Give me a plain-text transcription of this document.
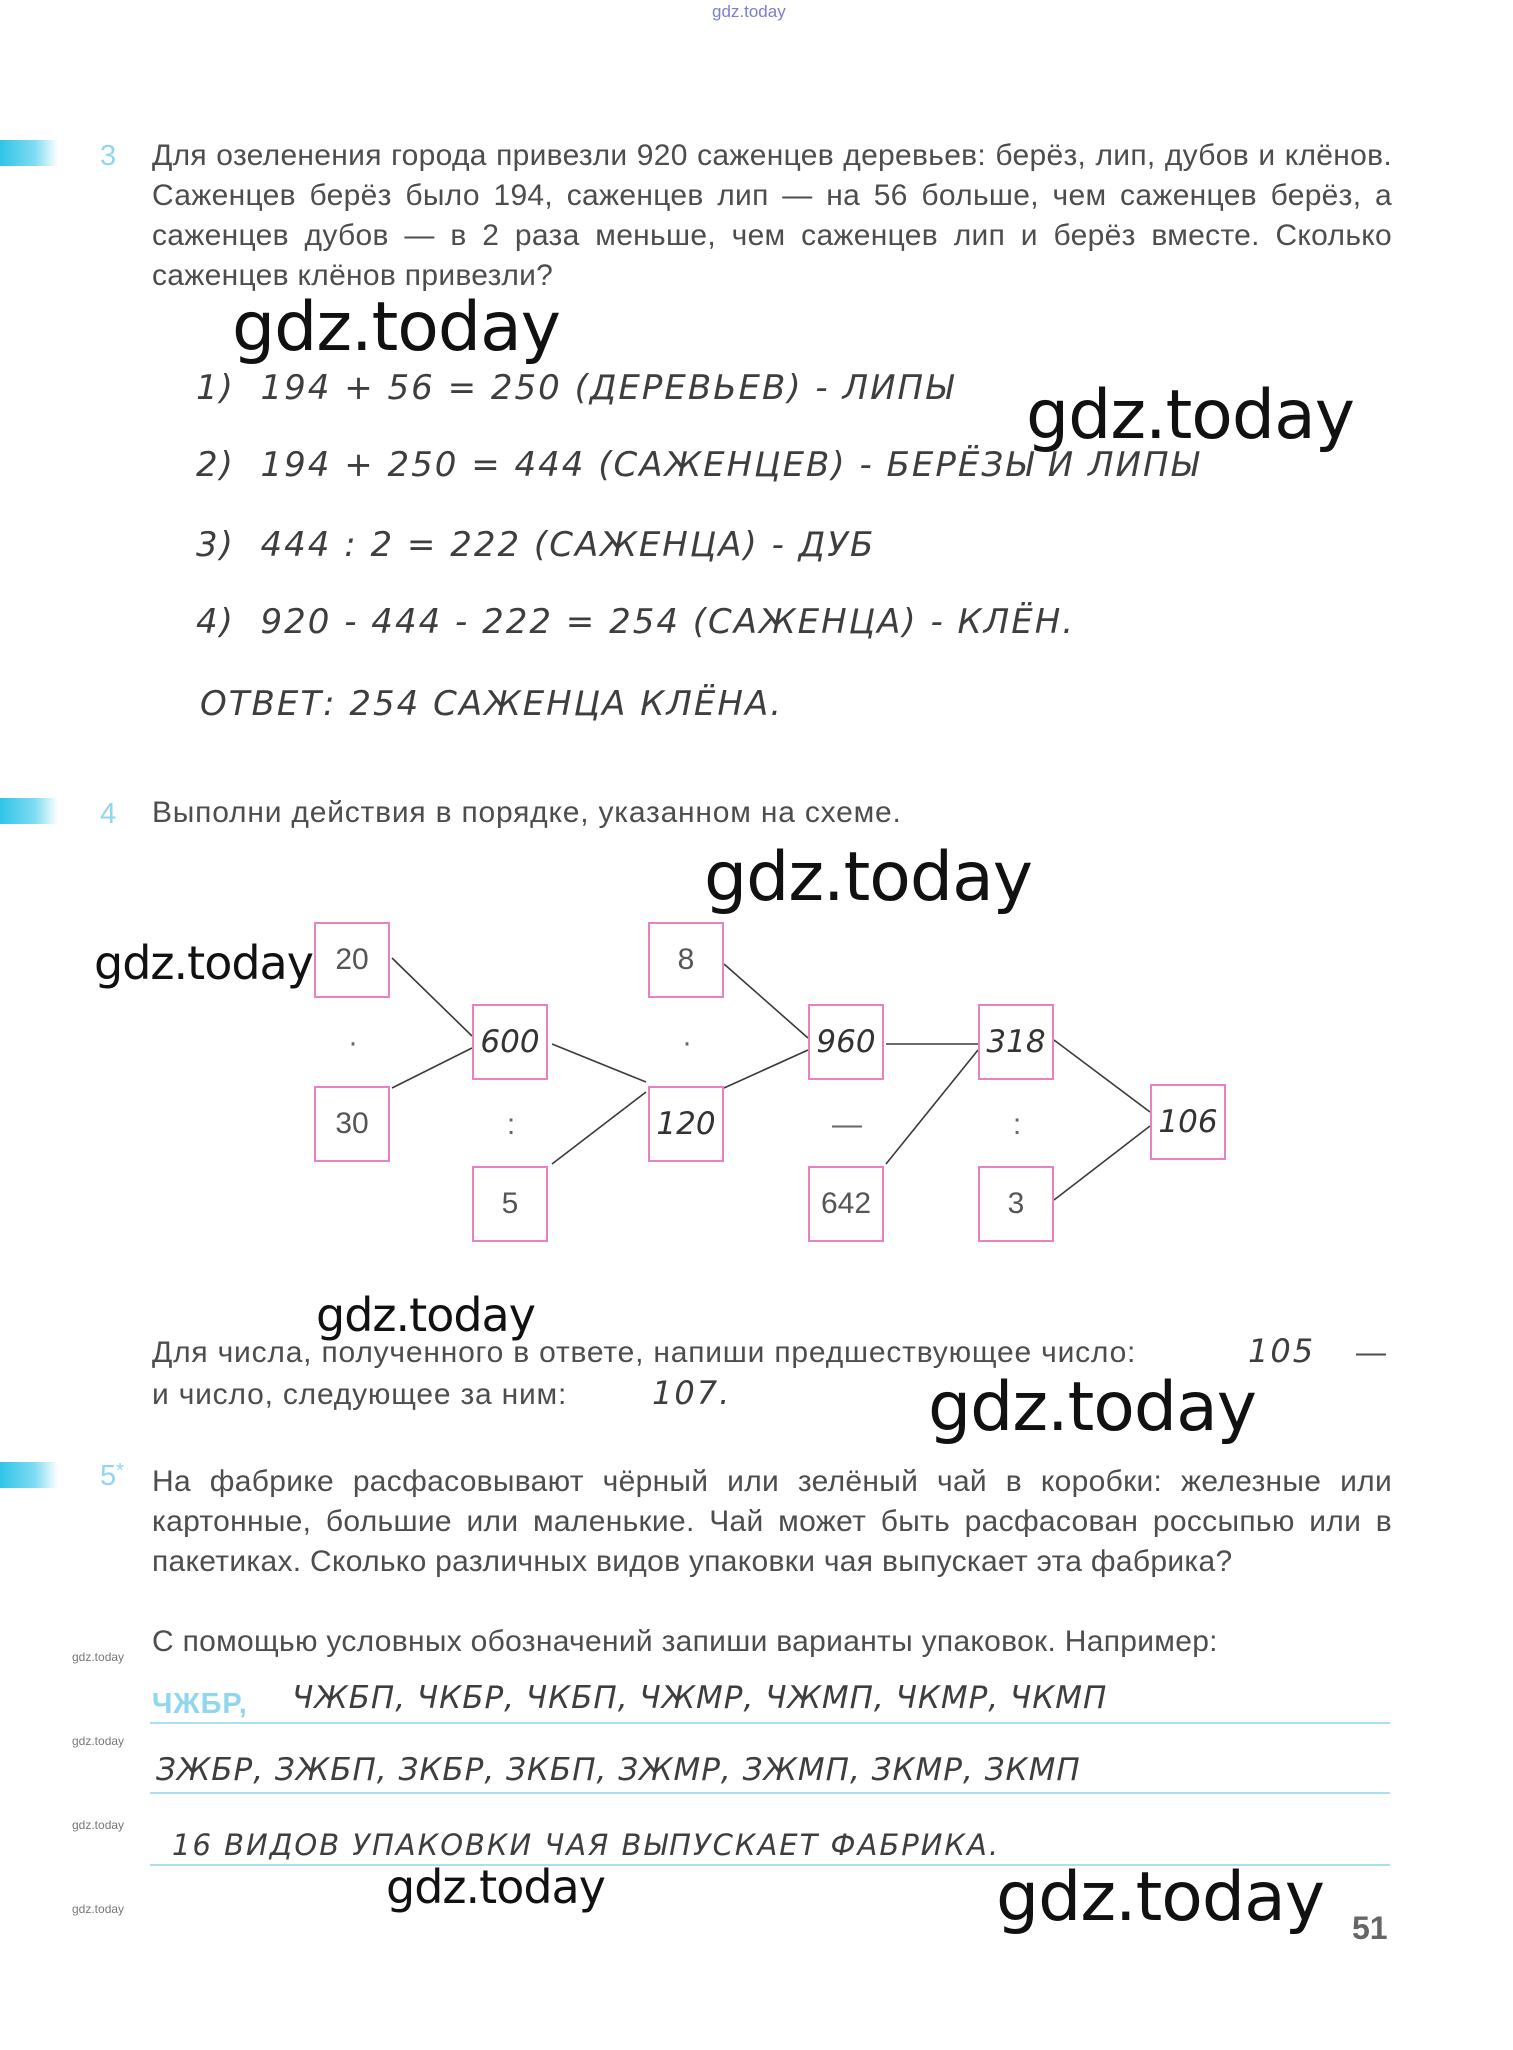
gdz.today
3 Для озеленения города привезли 920 саженцев деревьев: берёз, лип, дубов и клёнов. Саженцев берёз было 194, саженцев лип — на 56 больше, чем саженцев берёз, а саженцев дубов — в 2 раза меньше, чем саженцев лип и берёз вместе. Сколько саженцев клёнов привезли?
1) 194 + 56 = 250 (ДЕРЕВЬЕВ) - ЛИПЫ
2) 194 + 250 = 444 (САЖЕНЦЕВ) - БЕРЁЗЫ И ЛИПЫ
3) 444 : 2 = 222 (САЖЕНЦА) - ДУБ
4) 920 - 444 - 222 = 254 (САЖЕНЦА) - КЛЁН.
ОТВЕТ: 254 САЖЕНЦА КЛЁНА.
4 Выполни действия в порядке, указанном на схеме.
20
·
30
600
:
5
8
·
120
960
—
642
318
:
3
106
Для числа, полученного в ответе, напиши предшествующее число:	105 —
и число, следующее за ним:	107.
5* На фабрике расфасовывают чёрный или зелёный чай в коробки: железные или картонные, большие или маленькие. Чай может быть расфасован россыпью или в пакетиках. Сколько различных видов упаковки чая выпускает эта фабрика?
С помощью условных обозначений запиши варианты упаковок. Например:
ЧЖБР, ЧЖБП, ЧКБР, ЧКБП, ЧЖМР, ЧЖМП, ЧКМР, ЧКМП
ЗЖБР, ЗЖБП, ЗКБР, ЗКБП, ЗЖМР, ЗЖМП, ЗКМР, ЗКМП
16 ВИДОВ УПАКОВКИ ЧАЯ ВЫПУСКАЕТ ФАБРИКА.
51
gdz.today
gdz.today
gdz.today
gdz.today
gdz.today
gdz.today
gdz.today	gdz.today
gdz.today
gdz.today
gdz.today
gdz.today
